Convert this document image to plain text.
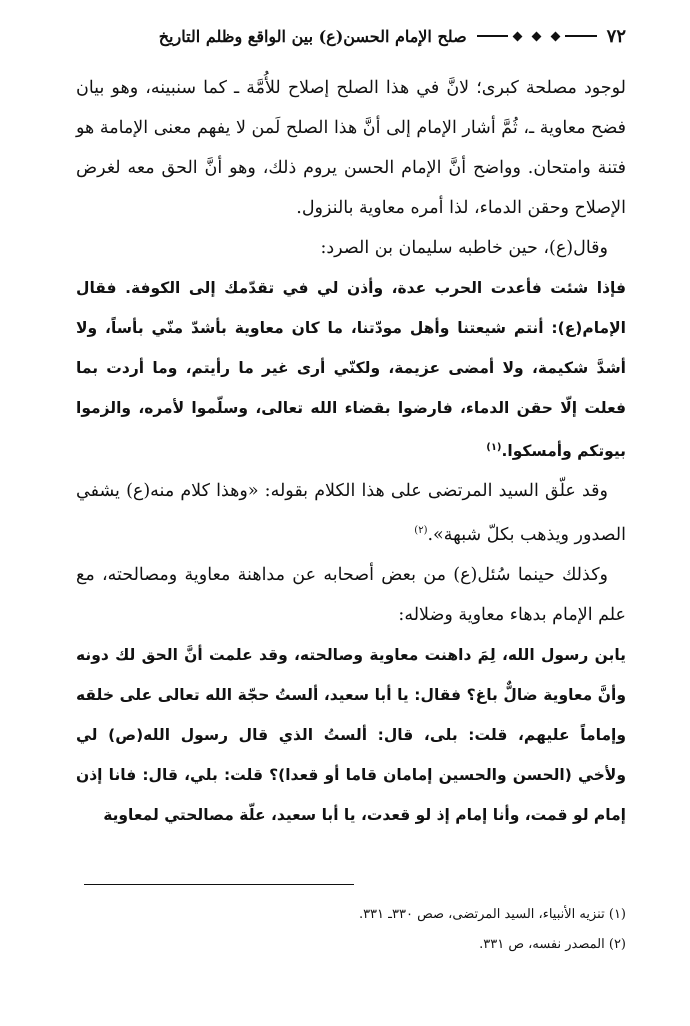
٧٢
صلح الإمام الحسن(ع) بين الواقع وظلم التاريخ

لوجود مصلحة كبرى؛ لانَّ في هذا الصلح إصلاح للأُمَّة ـ كما سنبينه، وهو بيان فضح معاوية ـ، ثُمَّ أشار الإمام إلى أنَّ هذا الصلح لَمن لا يفهم معنى الإمامة هو فتنة وامتحان. وواضح أنَّ الإمام الحسن يروم ذلك، وهو أنَّ الحق معه لغرض الإصلاح وحقن الدماء، لذا أمره معاوية بالنزول.

وقال(ع)، حين خاطبه سليمان بن الصرد:

فإذا شئت فأعدت الحرب عدة، وأذن لي في تقدّمك إلى الكوفة. فقال الإمام(ع): أنتم شيعتنا وأهل مودّتنا، ما كان معاوية بأشدّ منّي بأساً، ولا أشدَّ شكيمة، ولا أمضى عزيمة، ولكنّي أرى غير ما رأيتم، وما أردت بما فعلت إلّا حقن الدماء، فارضوا بقضاء الله تعالى، وسلّموا لأمره، والزموا بيوتكم وأمسكوا.$^{(١)}$

وقد علّق السيد المرتضى على هذا الكلام بقوله: «وهذا كلام منه(ع) يشفي الصدور ويذهب بكلّ شبهة».$^{(٢)}$

وكذلك حينما سُئل(ع) من بعض أصحابه عن مداهنة معاوية ومصالحته، مع علم الإمام بدهاء معاوية وضلاله:

يابن رسول الله، لِمَ داهنت معاوية وصالحته، وقد علمت أنَّ الحق لك دونه وأنَّ معاوية ضالٌّ باغ؟ فقال: يا أبا سعيد، ألستُ حجّة الله تعالى على خلقه وإماماً عليهم، قلت: بلى، قال: ألستُ الذي قال رسول الله(ص) لي ولأخي (الحسن والحسين إمامان قاما أو قعدا)؟ قلت: بلي، قال: فانا إذن إمام لو قمت، وأنا إمام إذ لو قعدت، يا أبا سعيد، علّة مصالحتي لمعاوية

(١) تنزيه الأنبياء، السيد المرتضى، صص ٣٣٠ـ ٣٣١.
(٢) المصدر نفسه، ص ٣٣١.
